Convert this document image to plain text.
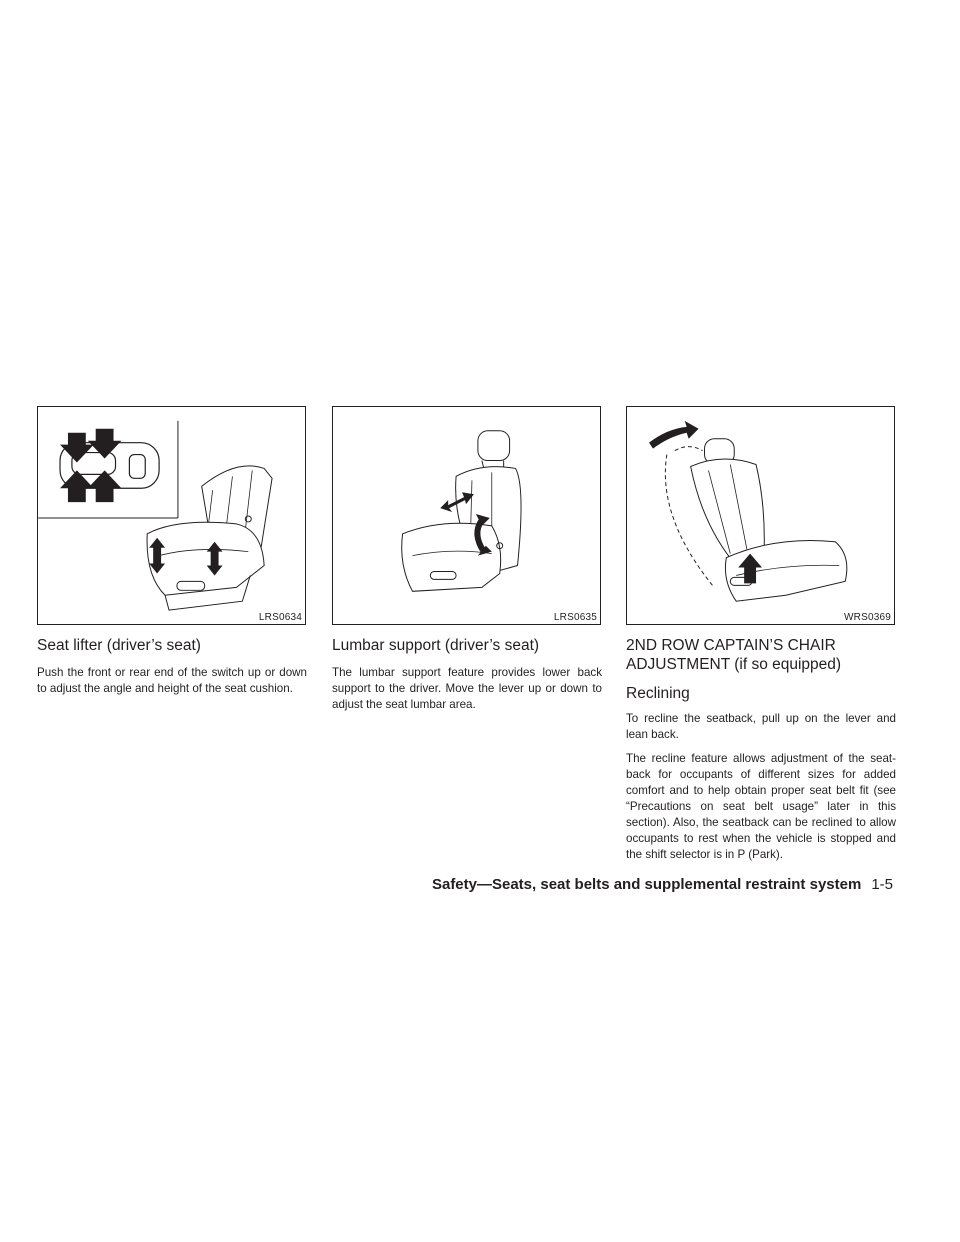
LRS0634	LRS0635	WRS0369
Seat lifter (driver’s seat)

Push the front or rear end of the switch up or down to adjust the angle and height of the seat cushion.

Lumbar support (driver’s seat)

The lumbar support feature provides lower back support to the driver. Move the lever up or down to adjust the seat lumbar area.

2ND ROW CAPTAIN’S CHAIR ADJUSTMENT (if so equipped)
Reclining

To recline the seatback, pull up on the lever and lean back.

The recline feature allows adjustment of the seat-back for occupants of different sizes for added comfort and to help obtain proper seat belt fit (see “Precautions on seat belt usage” later in this section). Also, the seatback can be reclined to allow occupants to rest when the vehicle is stopped and the shift selector is in P (Park).

Safety—Seats, seat belts and supplemental restraint system 1-5
